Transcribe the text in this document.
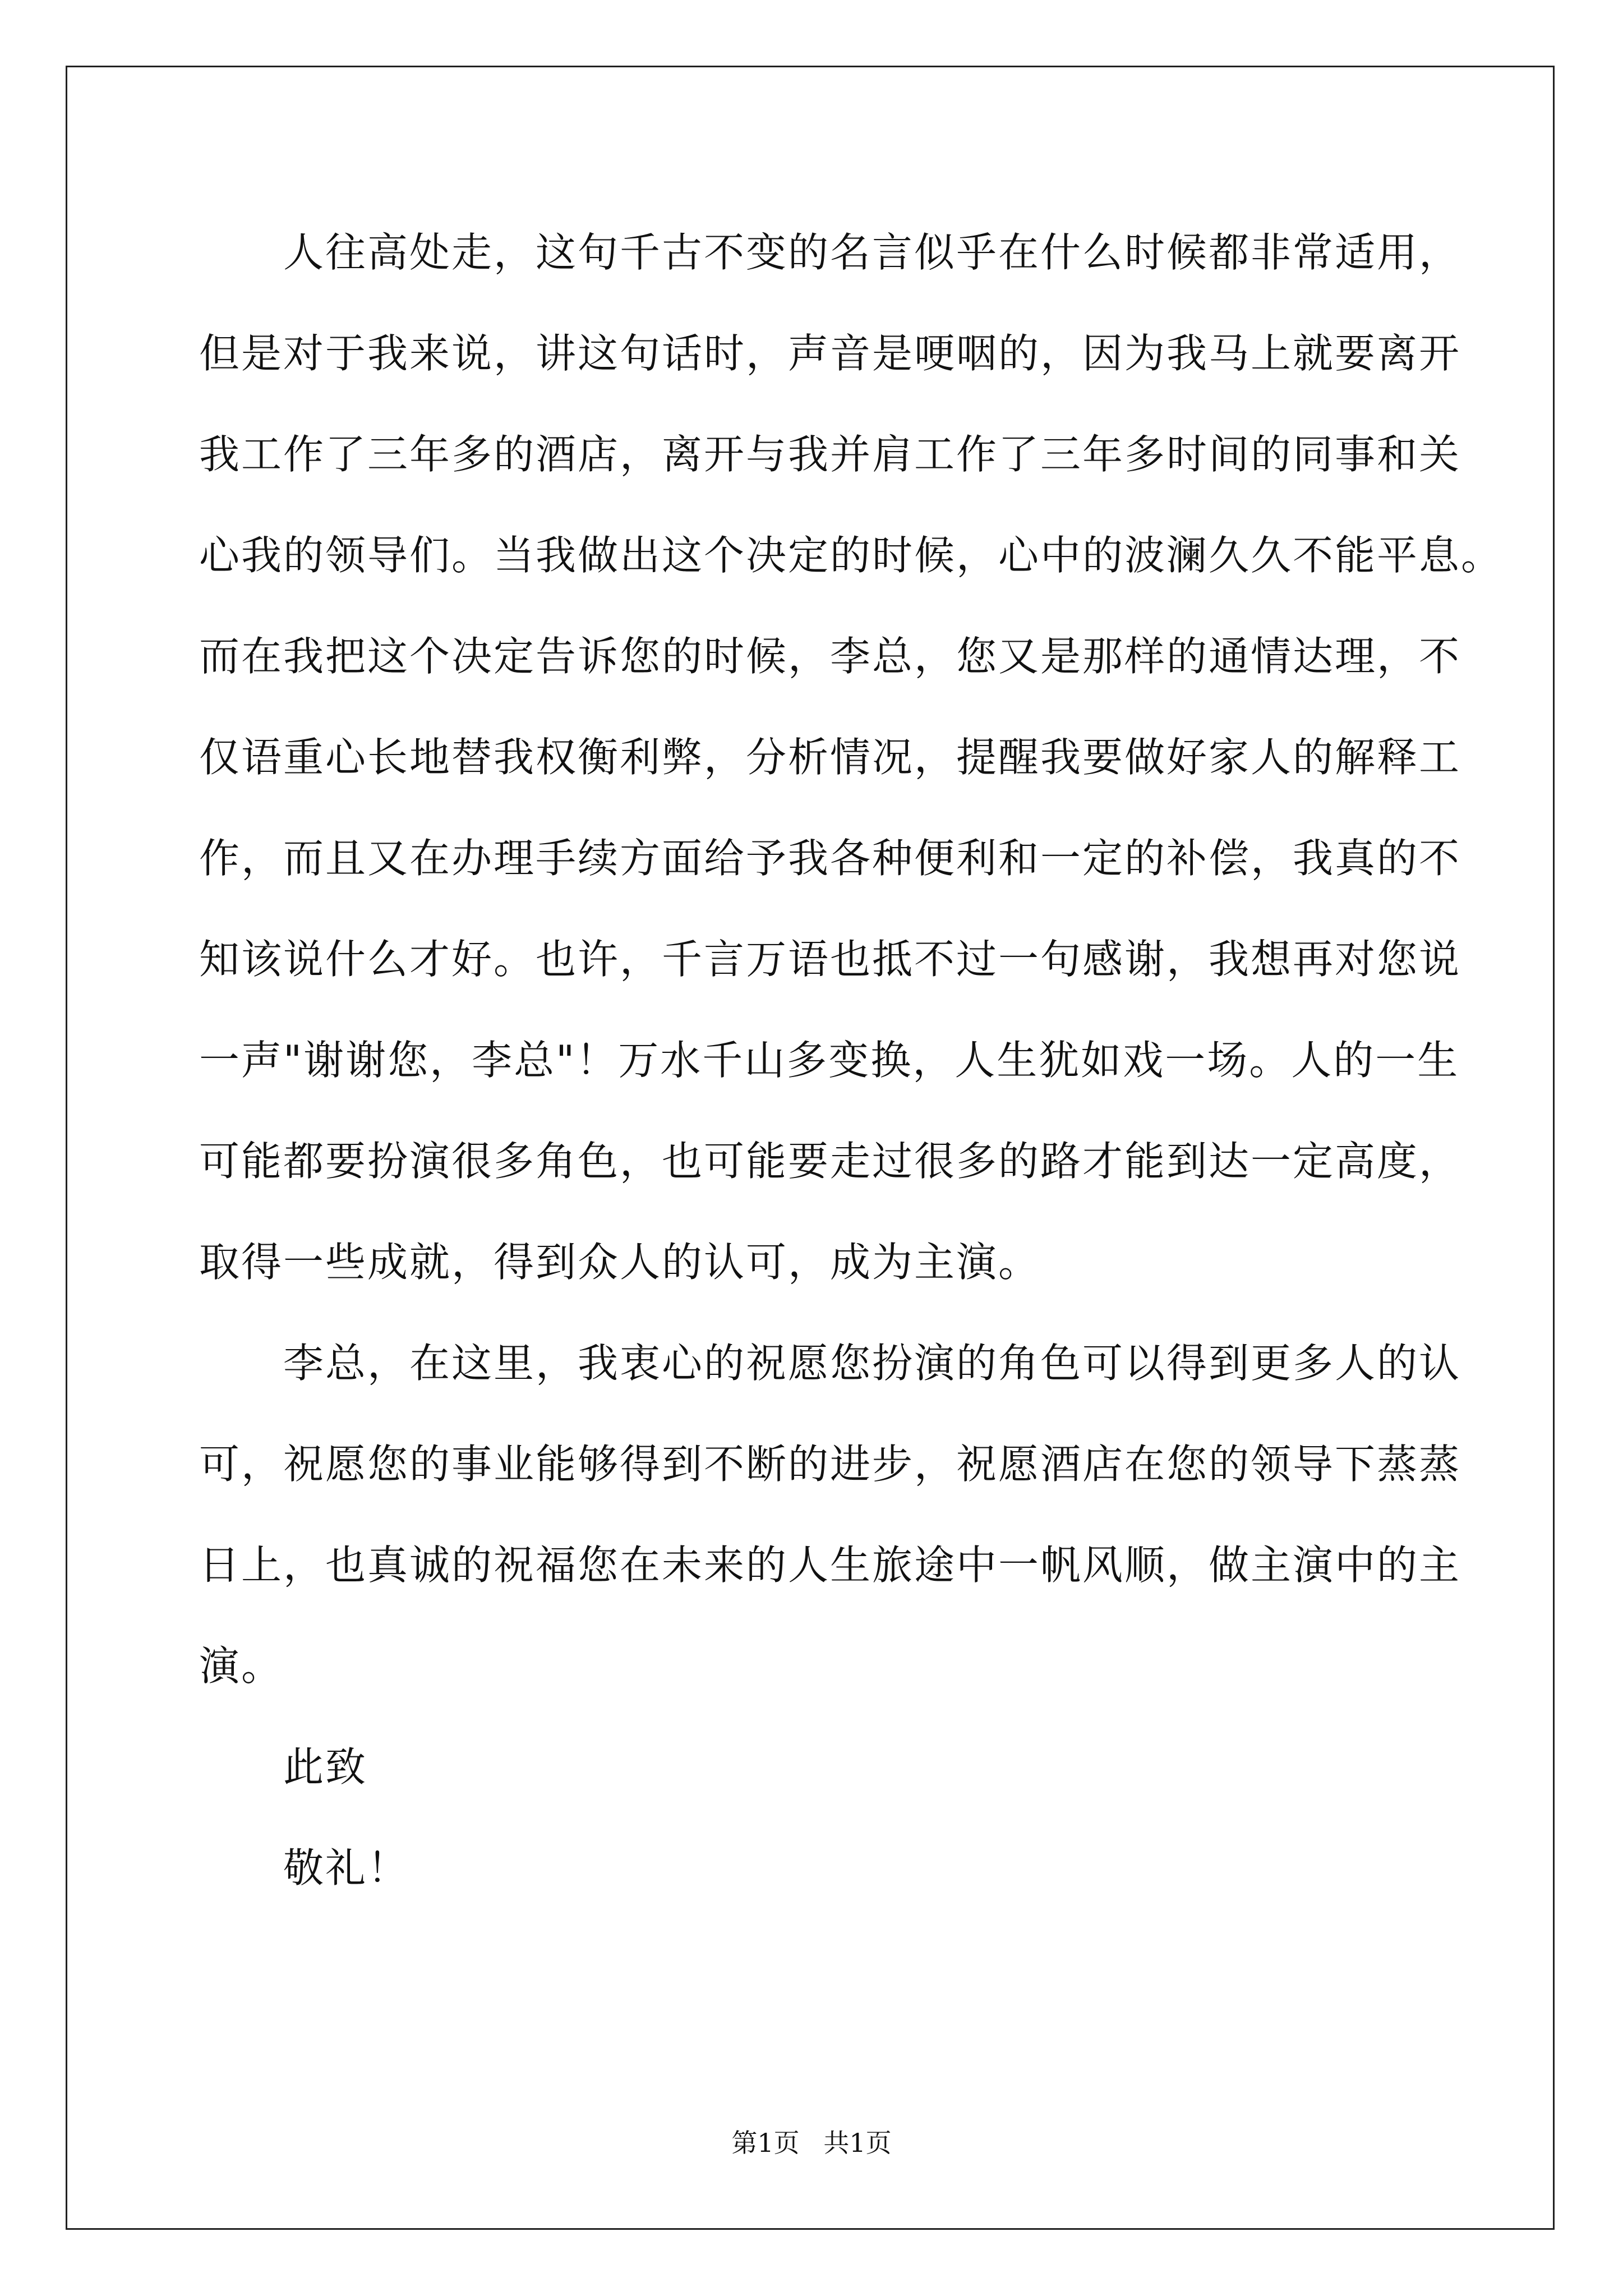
人往高处走，这句千古不变的名言似乎在什么时候都非常适用，
但是对于我来说，讲这句话时，声音是哽咽的，因为我马上就要离开
我工作了三年多的酒店，离开与我并肩工作了三年多时间的同事和关
心我的领导们。当我做出这个决定的时候，心中的波澜久久不能平息。
而在我把这个决定告诉您的时候，李总，您又是那样的通情达理，不
仅语重心长地替我权衡利弊，分析情况，提醒我要做好家人的解释工
作，而且又在办理手续方面给予我各种便利和一定的补偿，我真的不
知该说什么才好。也许，千言万语也抵不过一句感谢，我想再对您说
一声"谢谢您，李总"！万水千山多变换，人生犹如戏一场。人的一生
可能都要扮演很多角色，也可能要走过很多的路才能到达一定高度，
取得一些成就，得到众人的认可，成为主演。
李总，在这里，我衷心的祝愿您扮演的角色可以得到更多人的认
可，祝愿您的事业能够得到不断的进步，祝愿酒店在您的领导下蒸蒸
日上，也真诚的祝福您在未来的人生旅途中一帆风顺，做主演中的主
演。
此致
敬礼！
第1页 共1页
